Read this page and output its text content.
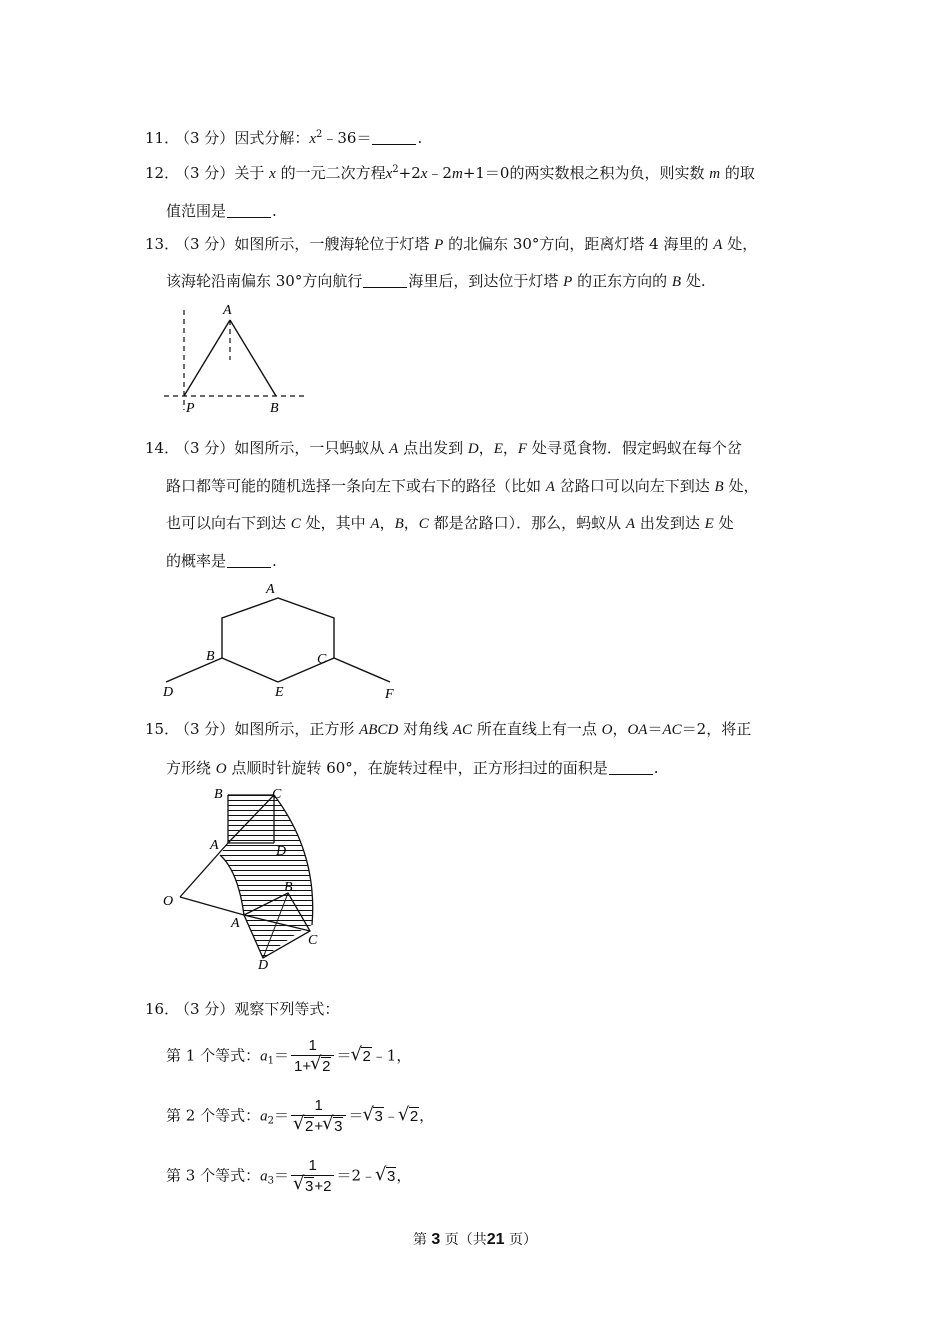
11．
（3 分）因式分解：$x^2﹣36=$	.
12．
（3 分）关于 x 的一元二次方程$x^2+2x﹣2m+1=0$的两实数根之积为负，则实数 m 的取
值范围是	.
13．
（3 分）如图所示，一艘海轮位于灯塔 P 的北偏东 30°方向，距离灯塔 4 海里的 A 处，
该海轮沿南偏东 30°方向航行	海里后，到达位于灯塔 P 的正东方向的 B 处.
A
P	B
14．
（3 分）如图所示，一只蚂蚁从 A 点出发到 D，E，F 处寻觅食物．假定蚂蚁在每个岔
路口都等可能的随机选择一条向左下或右下的路径（比如 A 岔路口可以向左下到达 B 处，
也可以向右下到达 C 处，其中 A，B，C 都是岔路口）．那么，蚂蚁从 A 出发到达 E 处
的概率是	.
A
B	C
D	E	F
15．
（3 分）如图所示，正方形 ABCD 对角线 AC 所在直线上有一点 O，OA＝AC＝2，将正
方形绕 O 点顺时针旋转 60°，在旋转过程中，正方形扫过的面积是	.
B	C
A	D
O
B
A
C
D
16．
（3 分）观察下列等式：
第 1 个等式：$a_1= \frac{1}{1+ √ 2}$ ＝ √ 2﹣1，
第 2 个等式：$a_2= 1$
√ 2+ √ 3 ＝ √ 3﹣ √ 2，
第 3 个等式：$a_3= 1$
√ 3+2 ＝2﹣ √ 3，
第 3 页（共21 页）
